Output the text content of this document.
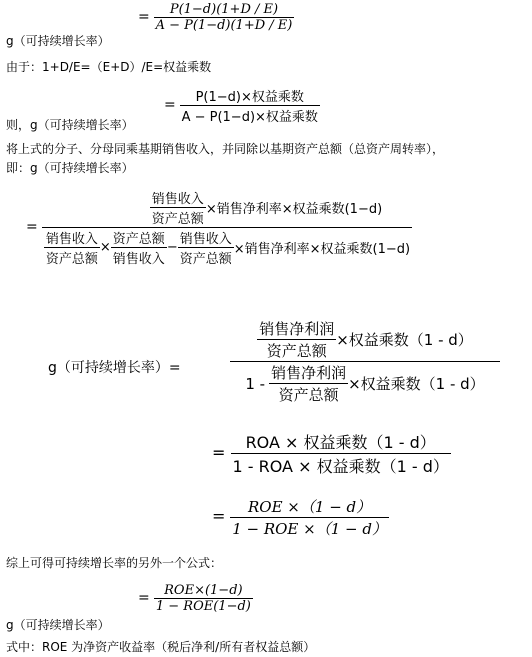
g（可持续增长率）
= $\frac{P(1-d)(1+D / E)}{A - P(1-d)(1+D / E)}$
由于：1+D/E=（E+D）/E=权益乘数
则，g（可持续增长率）
= $\frac{\text{P(1−d)×权益乘数}}{\text{A − P(1−d)×权益乘数}}$
将上式的分子、分母同乘基期销售收入，并同除以基期资产总额（总资产周转率），
即：g（可持续增长率）
=	$\frac{\text{销售收入}}{\text{资产总额}}$ ×销售净利率×权益乘数(1−d)
$\frac{\text{销售收入}}{\text{资产总额}} \times \frac{\text{资产总额}}{\text{销售收入}} - \frac{\text{销售收入}}{\text{资产总额}}$ ×销售净利率×权益乘数(1−d)
g（可持续增长率）=
$\frac{\text{销售净利润}}{\text{资产总额}}$ ×权益乘数（1 - d）
$1 - \frac{\text{销售净利润}}{\text{资产总额}}$ ×权益乘数（1 - d）
= $\frac{\text{ROA × 权益乘数（1 - d）}}{\text{1 - ROA × 权益乘数（1 - d）}}$
= $\frac{\text{ROE ×（1 − d）}}{\text{1 − ROE ×（1 − d）}}$
综上可得可持续增长率的另外一个公式：
g（可持续增长率）
= $\frac{\text{ROE×(1−d)}}{\text{1 − ROE(1−d)}}$
式中：ROE 为净资产收益率（税后净利/所有者权益总额）
